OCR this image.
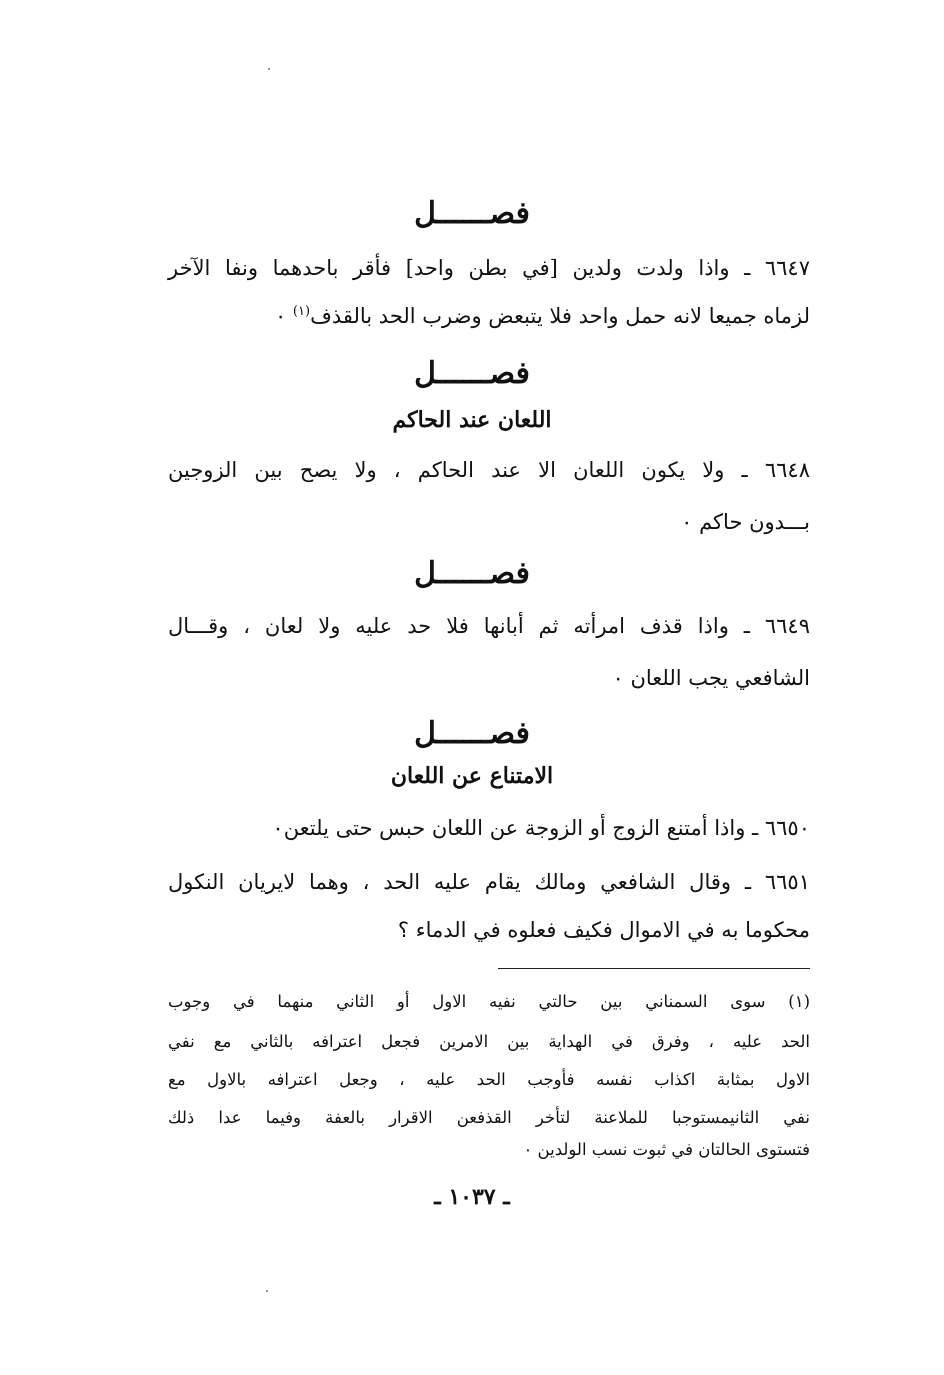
فصــــــل
٦٦٤٧ ـ واذا ولدت ولدين [في بطن واحد] فأقر باحدهما ونفا الآخر
لزماه جميعا لانه حمل واحد فلا يتبعض وضرب الحد بالقذف$^{(١)}$ ٠
فصــــــل
اللعان عند الحاكم
٦٦٤٨ ـ ولا يكون اللعان الا عند الحاكم ، ولا يصح بين الزوجين
بـــدون حاكم ٠
فصــــــل
٦٦٤٩ ـ واذا قذف امرأته ثم أبانها فلا حد عليه ولا لعان ، وقـــال
الشافعي يجب اللعان ٠
فصــــــل
الامتناع عن اللعان
٦٦٥٠ ـ واذا أمتنع الزوج أو الزوجة عن اللعان حبس حتى يلتعن٠
٦٦٥١ ـ وقال الشافعي ومالك يقام عليه الحد ، وهما لايريان النكول
محكوما به في الاموال فكيف فعلوه في الدماء ؟
(١) سوى السمناني بين حالتي نفيه الاول أو الثاني منهما في وجوب
الحد عليه ، وفرق في الهداية بين الامرين فجعل اعترافه بالثاني مع نفي
الاول بمثابة اكذاب نفسه فأوجب الحد عليه ، وجعل اعترافه بالاول مع
نفي الثانيمستوجبا للملاعنة لتأخر القذفعن الاقرار بالعفة وفيما عدا ذلك
فتستوى الحالتان في ثبوت نسب الولدين ٠
ـ ١٠٣٧ ـ
